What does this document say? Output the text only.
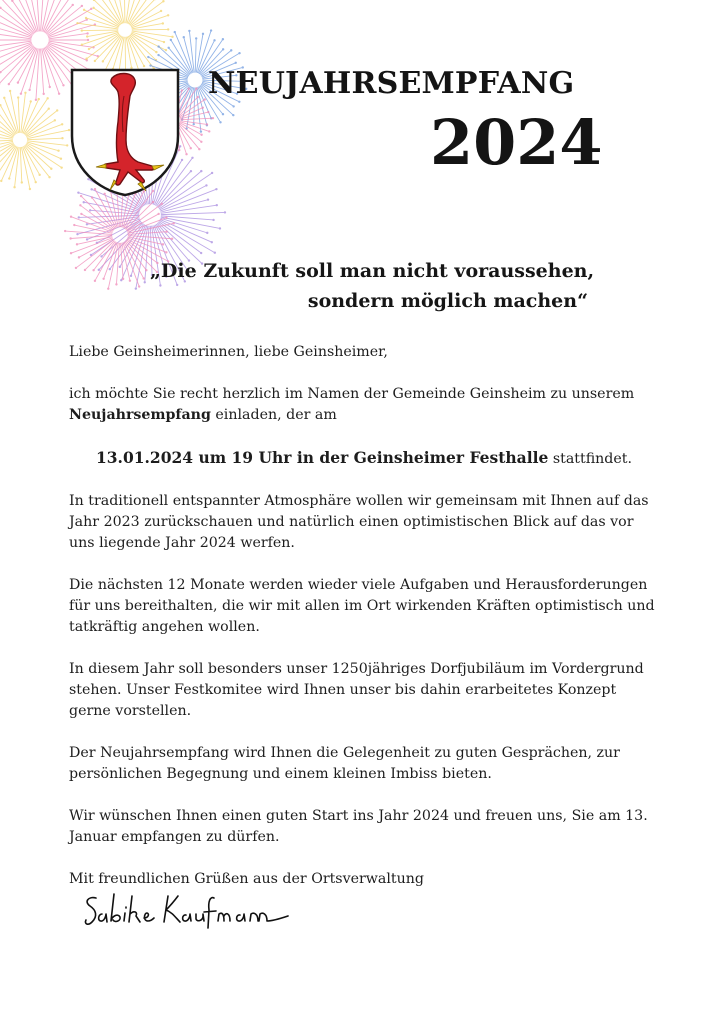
NEUJAHRSEMPFANG
2024
„Die Zukunft soll man nicht voraussehen,
sondern möglich machen“

Liebe Geinsheimerinnen, liebe Geinsheimer,

ich möchte Sie recht herzlich im Namen der Gemeinde Geinsheim zu unserem Neujahrsempfang einladen, der am

13.01.2024 um 19 Uhr in der Geinsheimer Festhalle stattfindet.

In traditionell entspannter Atmosphäre wollen wir gemeinsam mit Ihnen auf das Jahr 2023 zurückschauen und natürlich einen optimistischen Blick auf das vor uns liegende Jahr 2024 werfen.

Die nächsten 12 Monate werden wieder viele Aufgaben und Herausforderungen für uns bereithalten, die wir mit allen im Ort wirkenden Kräften optimistisch und tatkräftig angehen wollen.

In diesem Jahr soll besonders unser 1250jähriges Dorfjubiläum im Vordergrund stehen. Unser Festkomitee wird Ihnen unser bis dahin erarbeitetes Konzept gerne vorstellen.

Der Neujahrsempfang wird Ihnen die Gelegenheit zu guten Gesprächen, zur persönlichen Begegnung und einem kleinen Imbiss bieten.

Wir wünschen Ihnen einen guten Start ins Jahr 2024 und freuen uns, Sie am 13. Januar empfangen zu dürfen.

Mit freundlichen Grüßen aus der Ortsverwaltung
